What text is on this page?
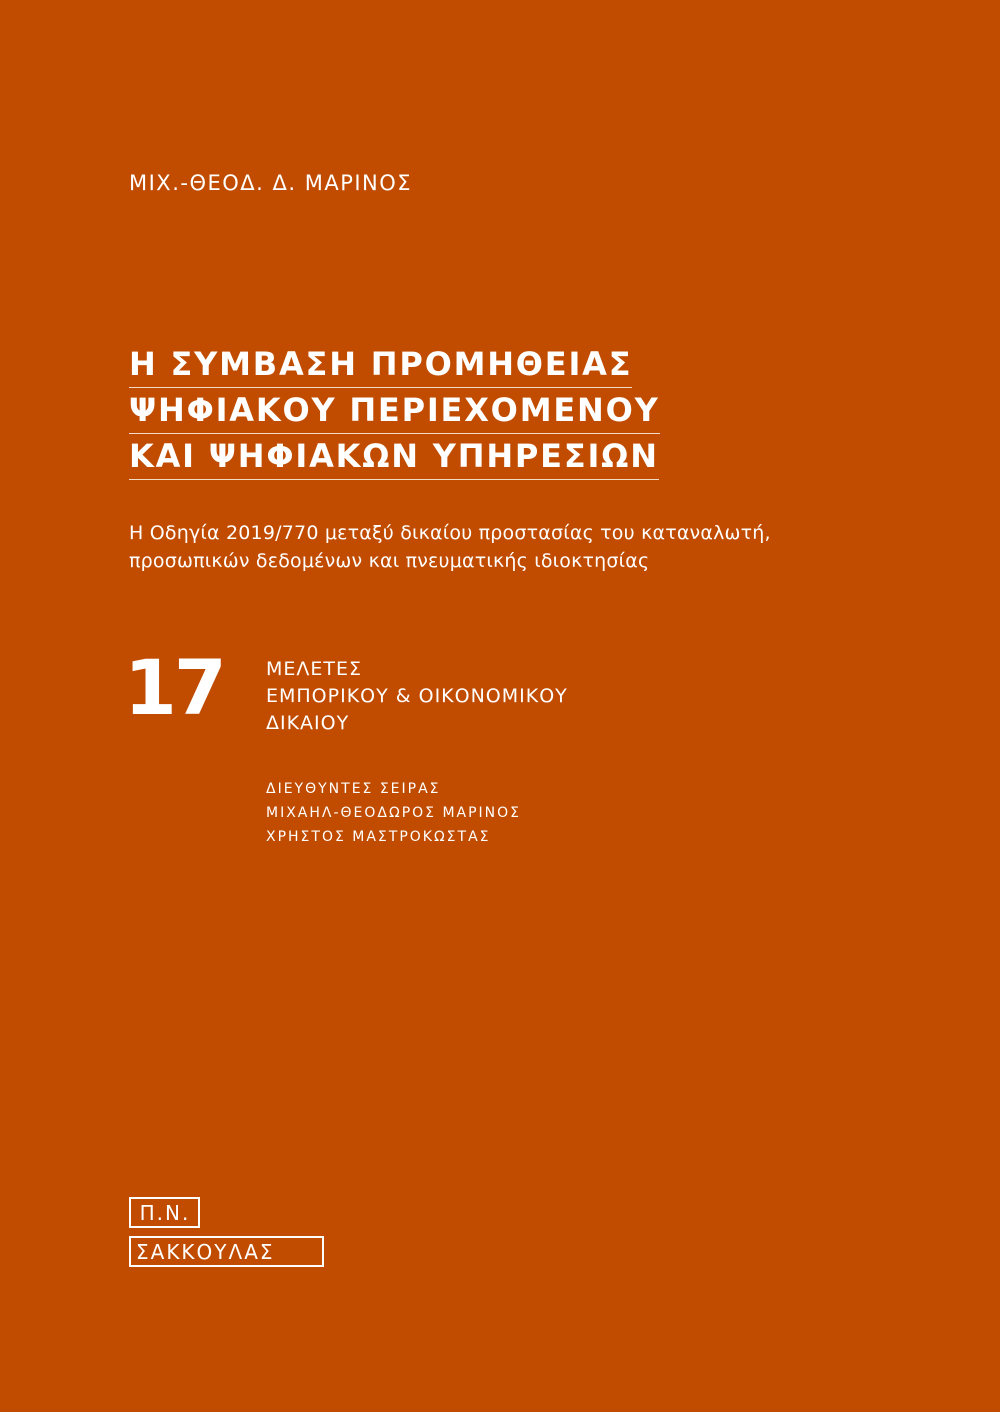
ΜΙΧ.-ΘΕΟΔ. Δ. ΜΑΡΙΝΟΣ
Η ΣΥΜΒΑΣΗ ΠΡΟΜΗΘΕΙΑΣ
ΨΗΦΙΑΚΟΥ ΠΕΡΙΕΧΟΜΕΝΟΥ
ΚΑΙ ΨΗΦΙΑΚΩΝ ΥΠΗΡΕΣΙΩΝ
Η Οδηγία 2019/770 μεταξύ δικαίου προστασίας του καταναλωτή,
προσωπικών δεδομένων και πνευματικής ιδιοκτησίας
17 ΜΕΛΕΤΕΣ
ΕΜΠΟΡΙΚΟΥ & ΟΙΚΟΝΟΜΙΚΟΥ
ΔΙΚΑΙΟΥ
ΔΙΕΥΘΥΝΤΕΣ ΣΕΙΡΑΣ
ΜΙΧΑΗΛ-ΘΕΟΔΩΡΟΣ ΜΑΡΙΝΟΣ
ΧΡΗΣΤΟΣ ΜΑΣΤΡΟΚΩΣΤΑΣ
Π.Ν.
ΣΑΚΚΟΥΛΑΣ
